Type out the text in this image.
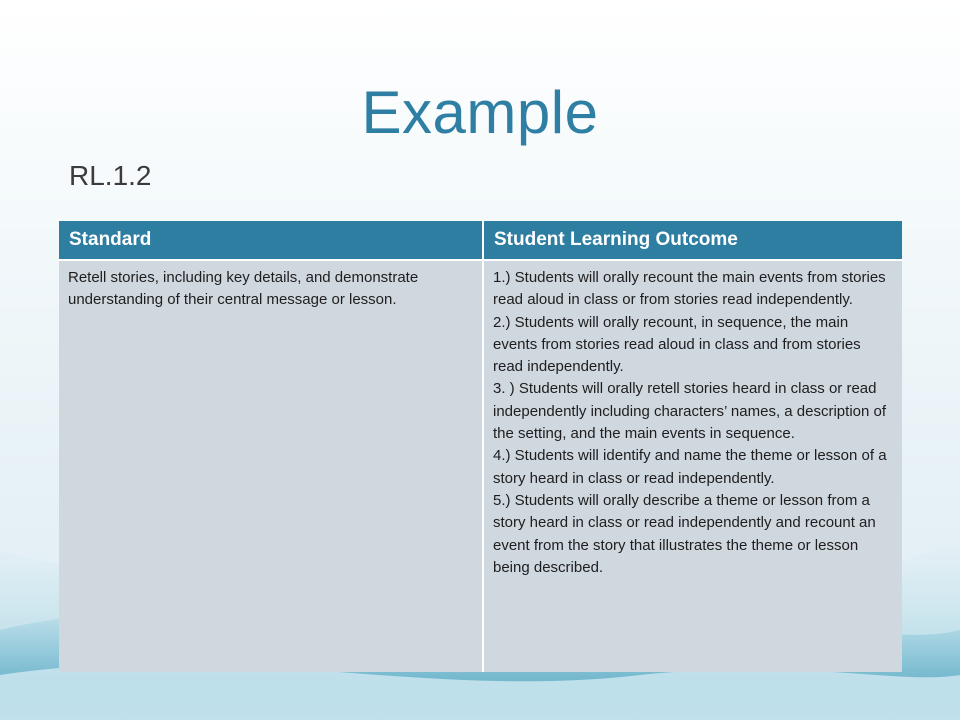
Example
RL.1.2
Standard	Student Learning Outcome
Retell stories, including key details, and demonstrate understanding of their central message or lesson.	1.) Students will orally recount the main events from stories read aloud in class or from stories read independently.
2.) Students will orally recount, in sequence, the main events from stories read aloud in class and from stories read independently.
3. ) Students will orally retell stories heard in class or read independently including characters’ names, a description of the setting, and the main events in sequence.
4.) Students will identify and name the theme or lesson of a story heard in class or read independently.
5.) Students will orally describe a theme or lesson from a story heard in class or read independently and recount an event from the story that illustrates the theme or lesson being described.
